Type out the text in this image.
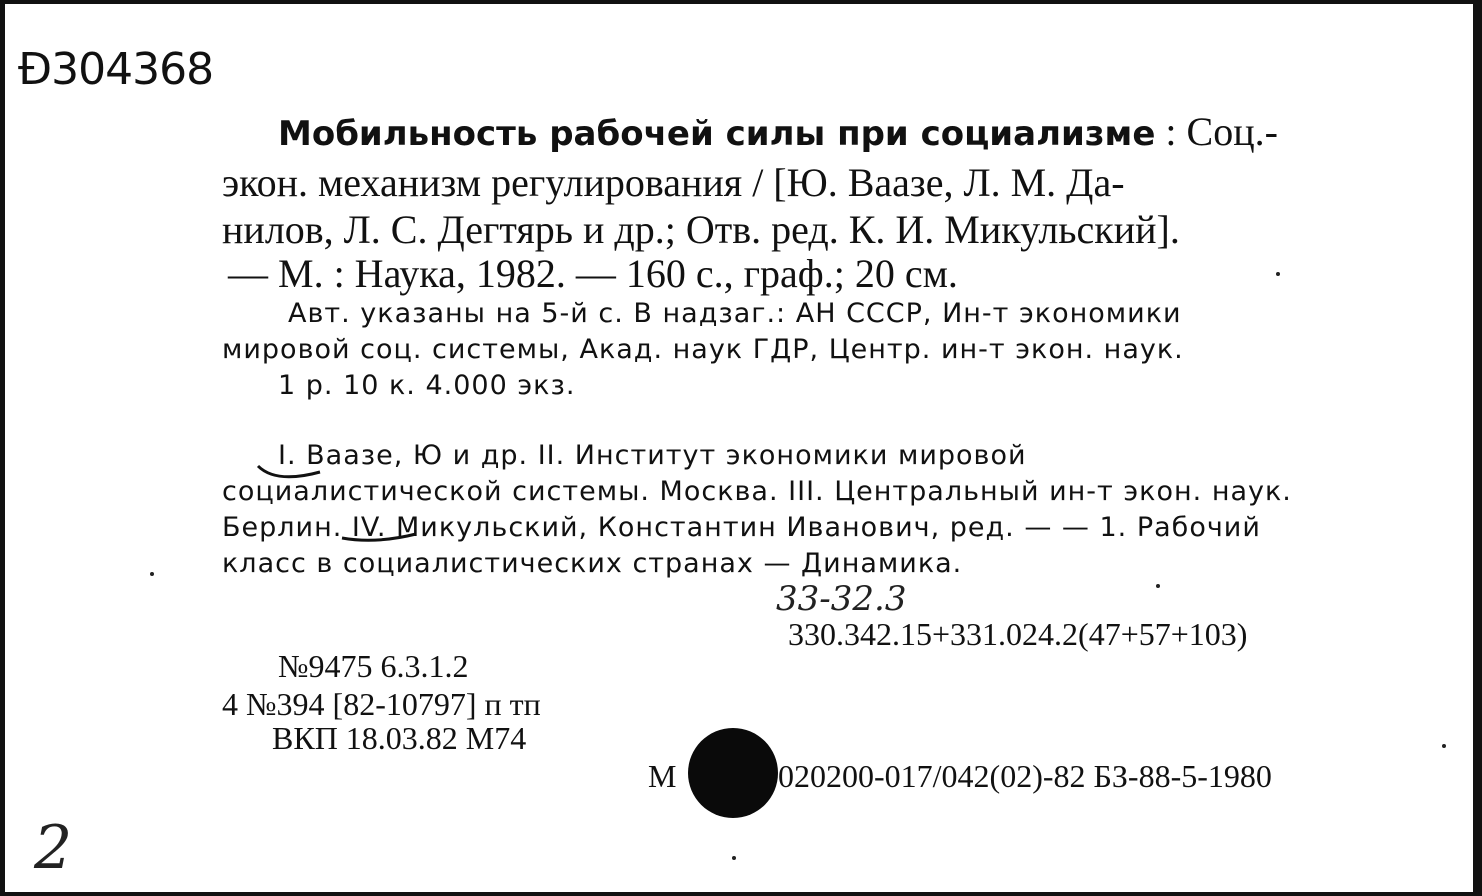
Ð304368
Мобильность рабочей силы при социализме : Соц.-
экон. механизм регулирования / [Ю. Ваазе, Л. М. Да-
нилов, Л. С. Дегтярь и др.; Отв. ред. К. И. Микульский].
— М. : Наука, 1982. — 160 с., граф.; 20 см.
Авт. указаны на 5-й с. В надзаг.: АН СССР, Ин-т экономики
мировой соц. системы, Акад. наук ГДР, Центр. ин-т экон. наук.
1 р. 10 к. 4.000 экз.
I. Ваазе, Ю и др. II. Институт экономики мировой
социалистической системы. Москва. III. Центральный ин-т экон. наук.
Берлин. IV. Микульский, Константин Иванович, ред. — — 1. Рабочий
класс в социалистических странах — Динамика.
33-32.3
330.342.15+331.024.2(47+57+103)
№9475 6.3.1.2
4 №394 [82-10797] п тп
ВКП 18.03.82 М74
М	020200-017/042(02)-82 БЗ-88-5-1980
2
